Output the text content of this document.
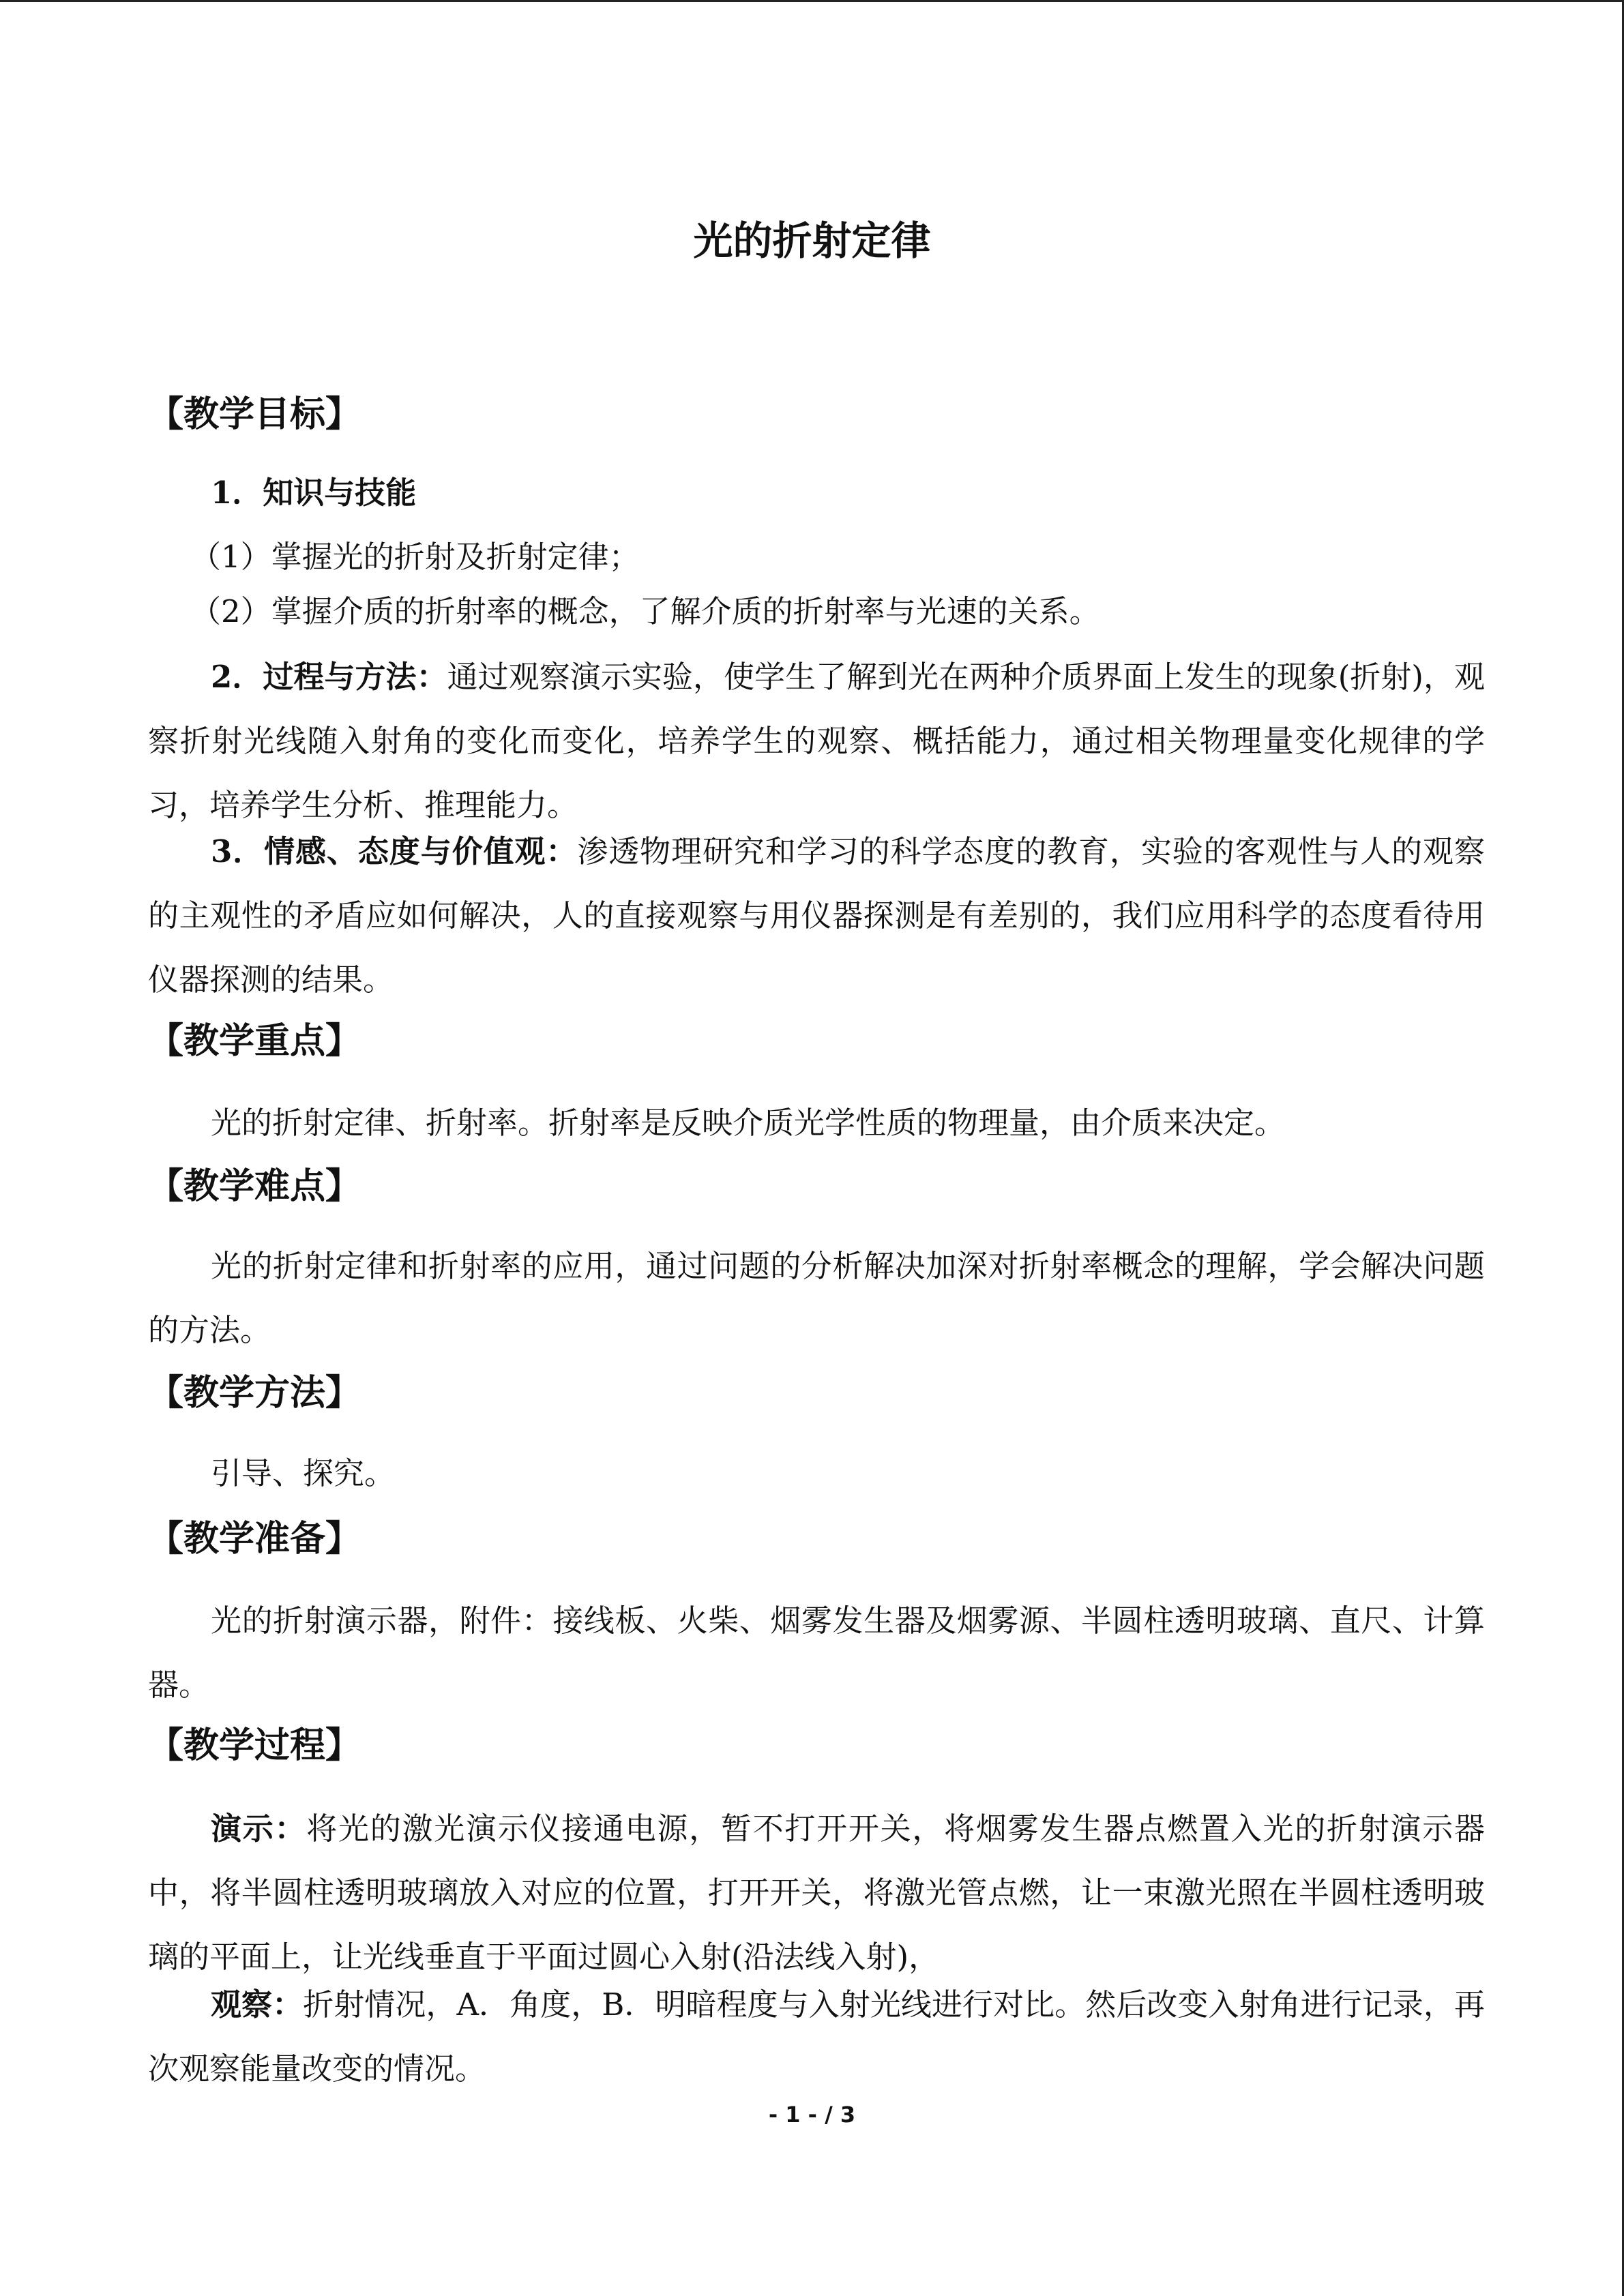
光的折射定律
【教学目标】
1．知识与技能
（1）掌握光的折射及折射定律；
（2）掌握介质的折射率的概念，了解介质的折射率与光速的关系。
2．过程与方法：通过观察演示实验，使学生了解到光在两种介质界面上发生的现象(折射)，观察折射光线随入射角的变化而变化，培养学生的观察、概括能力，通过相关物理量变化规律的学习，培养学生分析、推理能力。
3．情感、态度与价值观：渗透物理研究和学习的科学态度的教育，实验的客观性与人的观察的主观性的矛盾应如何解决，人的直接观察与用仪器探测是有差别的，我们应用科学的态度看待用仪器探测的结果。
【教学重点】
光的折射定律、折射率。折射率是反映介质光学性质的物理量，由介质来决定。
【教学难点】
光的折射定律和折射率的应用，通过问题的分析解决加深对折射率概念的理解，学会解决问题的方法。
【教学方法】
引导、探究。
【教学准备】
光的折射演示器，附件：接线板、火柴、烟雾发生器及烟雾源、半圆柱透明玻璃、直尺、计算器。
【教学过程】
演示：将光的激光演示仪接通电源，暂不打开开关，将烟雾发生器点燃置入光的折射演示器中，将半圆柱透明玻璃放入对应的位置，打开开关，将激光管点燃，让一束激光照在半圆柱透明玻璃的平面上，让光线垂直于平面过圆心入射(沿法线入射)，
观察：折射情况，A．角度，B．明暗程度与入射光线进行对比。然后改变入射角进行记录，再次观察能量改变的情况。
- 1 - / 3
